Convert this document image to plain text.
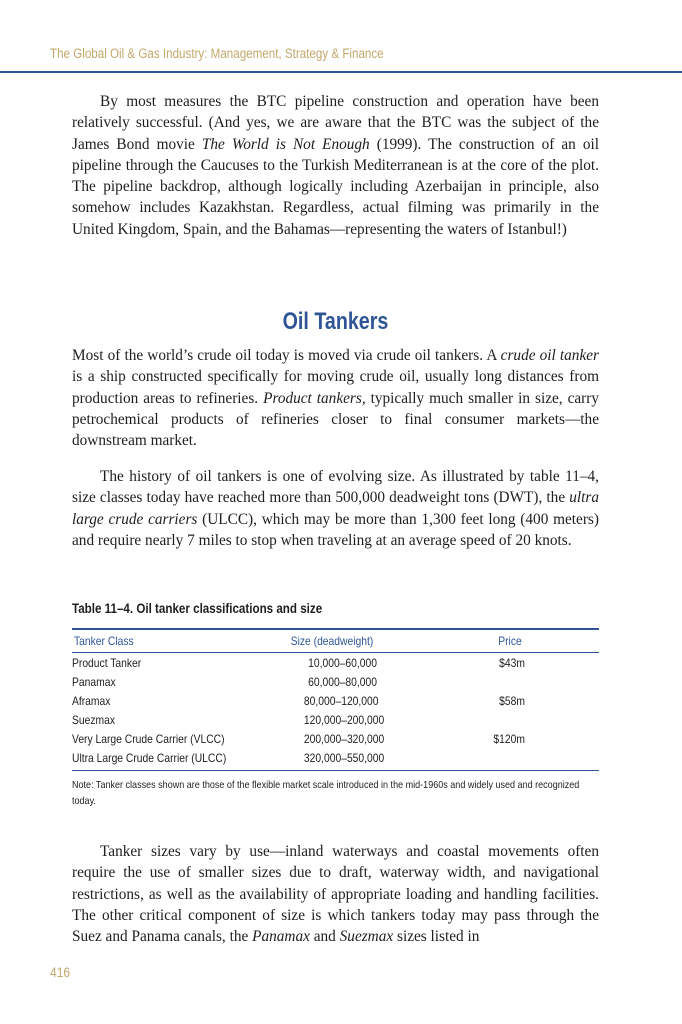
The Global Oil & Gas Industry: Management, Strategy & Finance

By most measures the BTC pipeline construction and operation have been relatively successful. (And yes, we are aware that the BTC was the subject of the James Bond movie The World is Not Enough (1999). The construction of an oil pipeline through the Caucuses to the Turkish Mediterranean is at the core of the plot. The pipeline backdrop, although logically including Azerbaijan in principle, also somehow includes Kazakhstan. Regardless, actual filming was primarily in the United Kingdom, Spain, and the Bahamas—representing the waters of Istanbul!)

Oil Tankers

Most of the world’s crude oil today is moved via crude oil tankers. A crude oil tanker is a ship constructed specifically for moving crude oil, usually long distances from production areas to refineries. Product tankers, typically much smaller in size, carry petrochemical products of refineries closer to final consumer markets—the downstream market.

The history of oil tankers is one of evolving size. As illustrated by table 11–4, size classes today have reached more than 500,000 deadweight tons (DWT), the ultra large crude carriers (ULCC), which may be more than 1,300 feet long (400 meters) and require nearly 7 miles to stop when traveling at an average speed of 20 knots.

Table 11–4. Oil tanker classifications and size
Tanker Class	Size (deadweight)	Price
Product Tanker	10,000–60,000	$43m
Panamax	60,000–80,000
Aframax	80,000–120,000	$58m
Suezmax	120,000–200,000
Very Large Crude Carrier (VLCC)	200,000–320,000	$120m
Ultra Large Crude Carrier (ULCC)	320,000–550,000
Note: Tanker classes shown are those of the flexible market scale introduced in the mid-1960s and widely used and recognized today.

Tanker sizes vary by use—inland waterways and coastal movements often require the use of smaller sizes due to draft, waterway width, and navigational restrictions, as well as the availability of appropriate loading and handling facilities. The other critical component of size is which tankers today may pass through the Suez and Panama canals, the Panamax and Suezmax sizes listed in

416
